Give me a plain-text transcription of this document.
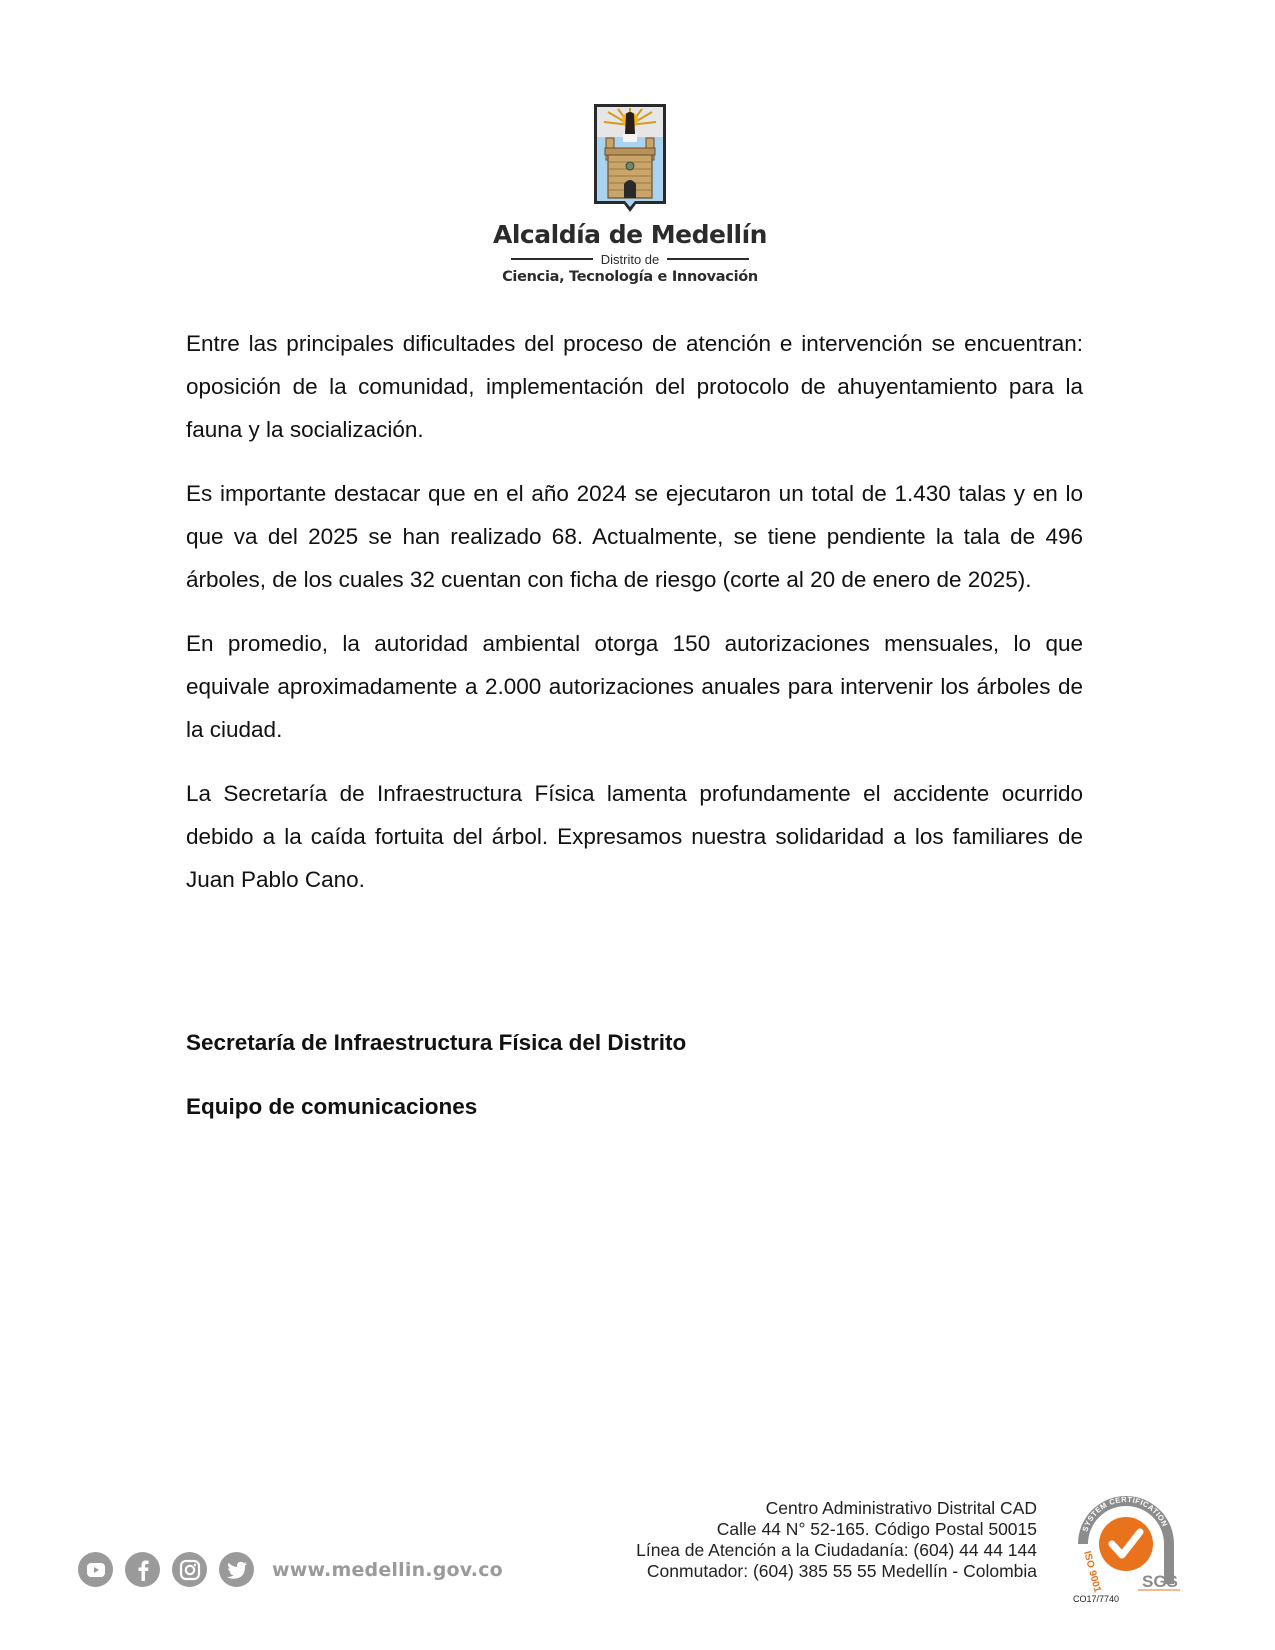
Alcaldía de Medellín
Distrito de
Ciencia, Tecnología e Innovación

Entre las principales dificultades del proceso de atención e intervención se encuentran: oposición de la comunidad, implementación del protocolo de ahuyentamiento para la fauna y la socialización.

Es importante destacar que en el año 2024 se ejecutaron un total de 1.430 talas y en lo que va del 2025 se han realizado 68. Actualmente, se tiene pendiente la tala de 496 árboles, de los cuales 32 cuentan con ficha de riesgo (corte al 20 de enero de 2025).

En promedio, la autoridad ambiental otorga 150 autorizaciones mensuales, lo que equivale aproximadamente a 2.000 autorizaciones anuales para intervenir los árboles de la ciudad.

La Secretaría de Infraestructura Física lamenta profundamente el accidente ocurrido debido a la caída fortuita del árbol. Expresamos nuestra solidaridad a los familiares de Juan Pablo Cano.

Secretaría de Infraestructura Física del Distrito
Equipo de comunicaciones
www.medellin.gov.co
Centro Administrativo Distrital CAD
Calle 44 N° 52-165. Código Postal 50015
Línea de Atención a la Ciudadanía: (604) 44 44 144
Conmutador: (604) 385 55 55 Medellín - Colombia
SYSTEM CERTIFICATION
ISO 9001 SGS
CO17/7740
